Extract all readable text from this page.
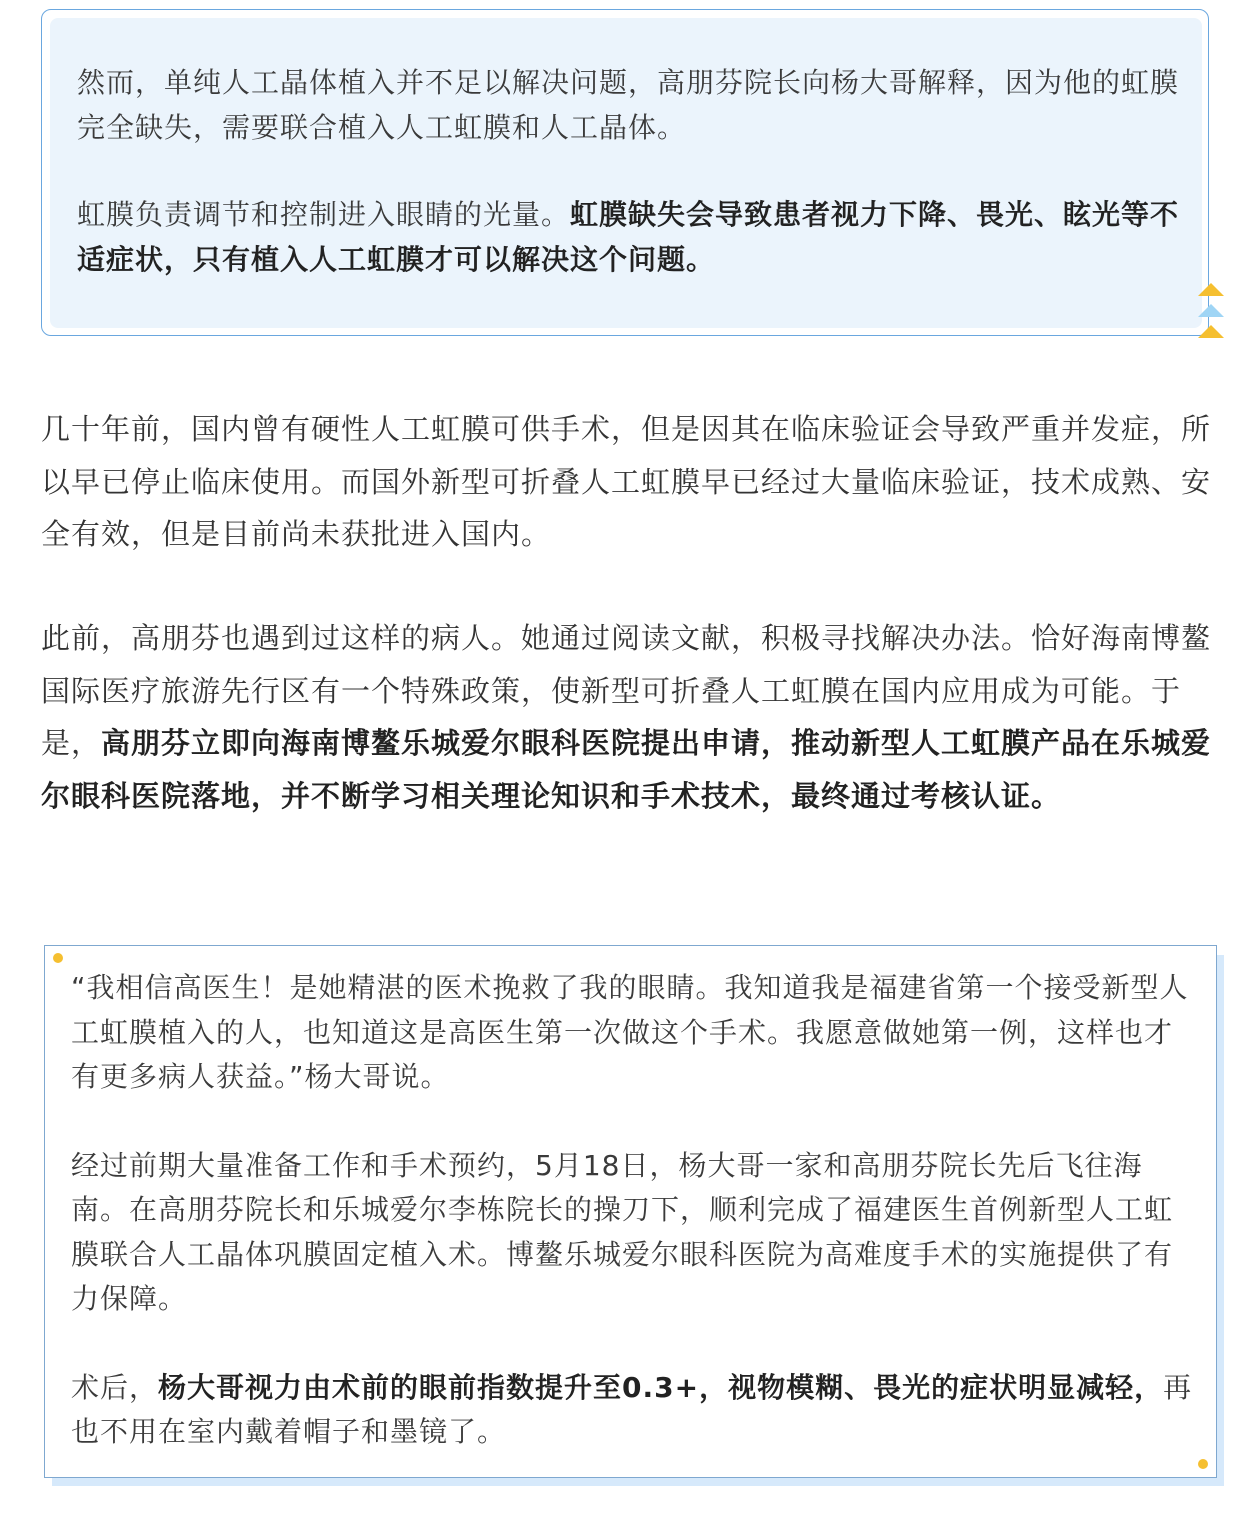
然而，单纯人工晶体植入并不足以解决问题，高朋芬院长向杨大哥解释，因为他的虹膜完全缺失，需要联合植入人工虹膜和人工晶体。

虹膜负责调节和控制进入眼睛的光量。虹膜缺失会导致患者视力下降、畏光、眩光等不适症状，只有植入人工虹膜才可以解决这个问题。

几十年前，国内曾有硬性人工虹膜可供手术，但是因其在临床验证会导致严重并发症，所以早已停止临床使用。而国外新型可折叠人工虹膜早已经过大量临床验证，技术成熟、安全有效，但是目前尚未获批进入国内。

此前，高朋芬也遇到过这样的病人。她通过阅读文献，积极寻找解决办法。恰好海南博鳌国际医疗旅游先行区有一个特殊政策，使新型可折叠人工虹膜在国内应用成为可能。于是，高朋芬立即向海南博鳌乐城爱尔眼科医院提出申请，推动新型人工虹膜产品在乐城爱尔眼科医院落地，并不断学习相关理论知识和手术技术，最终通过考核认证。

“我相信高医生！是她精湛的医术挽救了我的眼睛。我知道我是福建省第一个接受新型人工虹膜植入的人，也知道这是高医生第一次做这个手术。我愿意做她第一例，这样也才有更多病人获益。”杨大哥说。

经过前期大量准备工作和手术预约，5月18日，杨大哥一家和高朋芬院长先后飞往海南。在高朋芬院长和乐城爱尔李栋院长的操刀下，顺利完成了福建医生首例新型人工虹膜联合人工晶体巩膜固定植入术。博鳌乐城爱尔眼科医院为高难度手术的实施提供了有力保障。

术后，杨大哥视力由术前的眼前指数提升至0.3+，视物模糊、畏光的症状明显减轻，再也不用在室内戴着帽子和墨镜了。
